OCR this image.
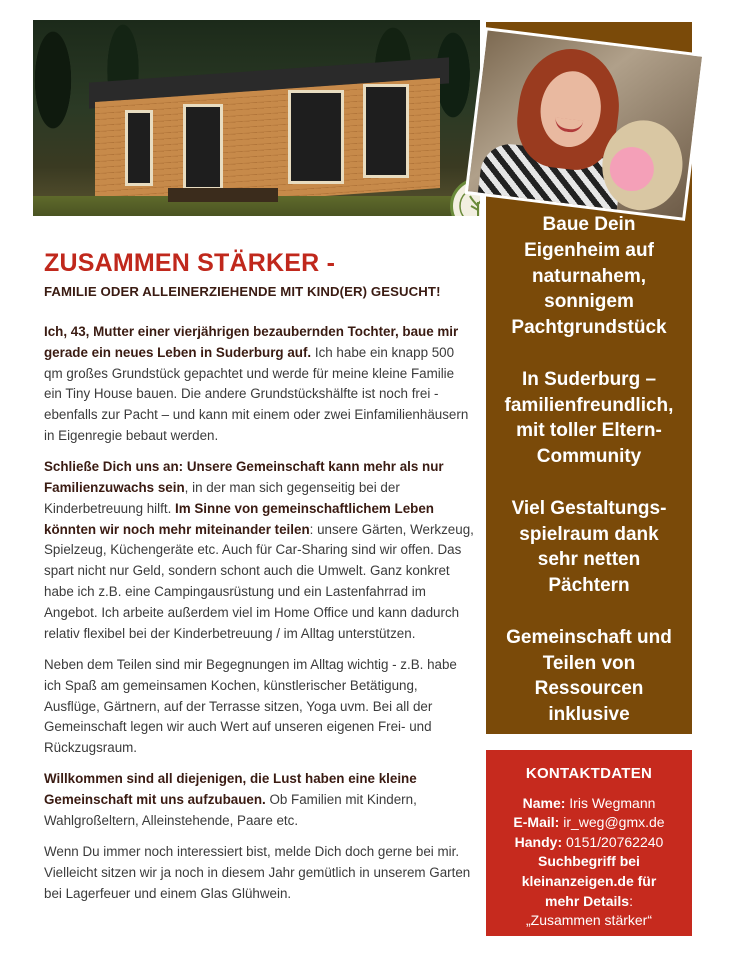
Baue Dein
Eigenheim auf
naturnahem,
sonnigem
Pachtgrundstück

In Suderburg –
familienfreundlich,
mit toller Eltern-
Community

Viel Gestaltungs-
spielraum dank
sehr netten
Pächtern

Gemeinschaft und
Teilen von
Ressourcen
inklusive

KONTAKTDATEN
Name: Iris Wegmann
E-Mail: ir_weg@gmx.de
Handy: 0151/20762240
Suchbegriff bei
kleinanzeigen.de für
mehr Details:
„Zusammen stärker“
ZUSAMMEN STÄRKER -
FAMILIE ODER ALLEINERZIEHENDE MIT KIND(ER) GESUCHT!

Ich, 43, Mutter einer vierjährigen bezaubernden Tochter, baue mir gerade ein neues Leben in Suderburg auf. Ich habe ein knapp 500 qm großes Grundstück gepachtet und werde für meine kleine Familie ein Tiny House bauen. Die andere Grundstückshälfte ist noch frei - ebenfalls zur Pacht – und kann mit einem oder zwei Einfamilienhäusern in Eigenregie bebaut werden.

Schließe Dich uns an: Unsere Gemeinschaft kann mehr als nur Familienzuwachs sein, in der man sich gegenseitig bei der Kinderbetreuung hilft. Im Sinne von gemeinschaftlichem Leben könnten wir noch mehr miteinander teilen: unsere Gärten, Werkzeug, Spielzeug, Küchengeräte etc. Auch für Car-Sharing sind wir offen. Das spart nicht nur Geld, sondern schont auch die Umwelt. Ganz konkret habe ich z.B. eine Campingausrüstung und ein Lastenfahrrad im Angebot. Ich arbeite außerdem viel im Home Office und kann dadurch relativ flexibel bei der Kinderbetreuung / im Alltag unterstützen.

Neben dem Teilen sind mir Begegnungen im Alltag wichtig - z.B. habe ich Spaß am gemeinsamen Kochen, künstlerischer Betätigung, Ausflüge, Gärtnern, auf der Terrasse sitzen, Yoga uvm. Bei all der Gemeinschaft legen wir auch Wert auf unseren eigenen Frei- und Rückzugsraum.

Willkommen sind all diejenigen, die Lust haben eine kleine Gemeinschaft mit uns aufzubauen. Ob Familien mit Kindern, Wahlgroßeltern, Alleinstehende, Paare etc.

Wenn Du immer noch interessiert bist, melde Dich doch gerne bei mir. Vielleicht sitzen wir ja noch in diesem Jahr gemütlich in unserem Garten bei Lagerfeuer und einem Glas Glühwein.
